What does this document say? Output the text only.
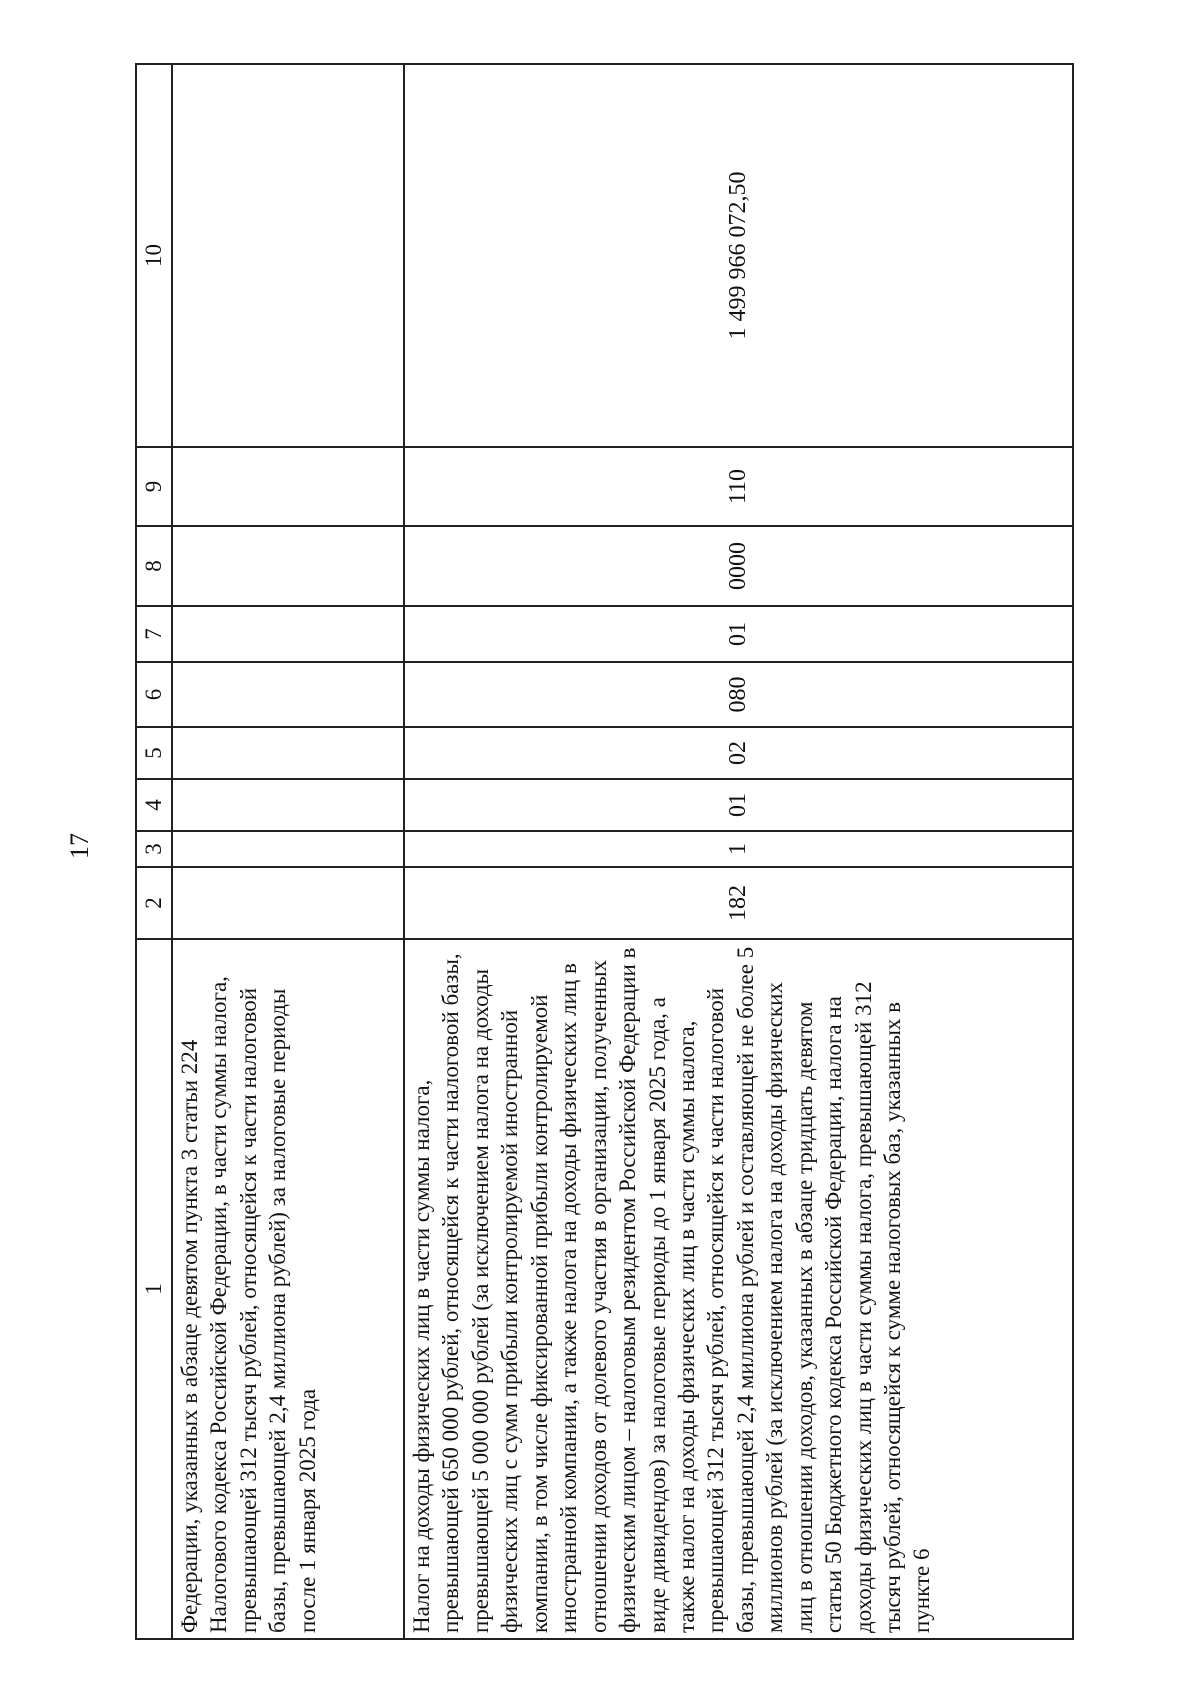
17
1	2	3	4	5	6	7	8	9	10
Федерации, указанных в абзаце девятом пункта 3 статьи 224 Налогового кодекса Российской Федерации, в части суммы налога, превышающей 312 тысяч рублей, относящейся к части налоговой базы, превышающей 2,4 миллиона рублей) за налоговые периоды после 1 января 2025 года									
Налог на доходы физических лиц в части суммы налога, превышающей 650 000 рублей, относящейся к части налоговой базы, превышающей 5 000 000 рублей (за исключением налога на доходы физических лиц с сумм прибыли контролируемой иностранной компании, в том числе фиксированной прибыли контролируемой иностранной компании, а также налога на доходы физических лиц в отношении доходов от долевого участия в организации, полученных физическим лицом – налоговым резидентом Российской Федерации в виде дивидендов) за налоговые периоды до 1 января 2025 года, а также налог на доходы физических лиц в части суммы налога, превышающей 312 тысяч рублей, относящейся к части налоговой базы, превышающей 2,4 миллиона рублей и составляющей не более 5 миллионов рублей (за исключением налога на доходы физических лиц в отношении доходов, указанных в абзаце тридцать девятом статьи 50 Бюджетного кодекса Российской Федерации, налога на доходы физических лиц в части суммы налога, превышающей 312 тысяч рублей, относящейся к сумме налоговых баз, указанных в пункте 6	182	1	01	02	080	01	0000	110	1 499 966 072,50
